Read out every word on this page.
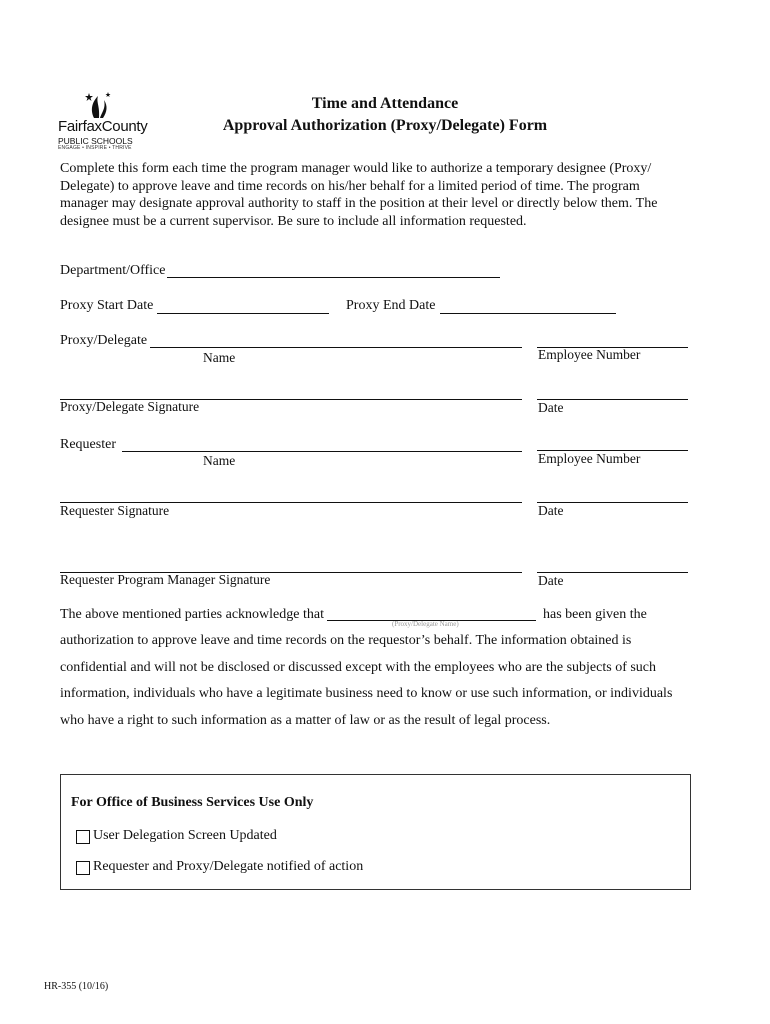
FairfaxCounty
PUBLIC SCHOOLS
ENGAGE • INSPIRE • THRIVE
Time and Attendance
Approval Authorization (Proxy/Delegate) Form
Complete this form each time the program manager would like to authorize a temporary designee (Proxy/
Delegate) to approve leave and time records on his/her behalf for a limited period of time. The program
manager may designate approval authority to staff in the position at their level or directly below them. The
designee must be a current supervisor. Be sure to include all information requested.
Department/Office
Proxy Start Date	Proxy End Date
Proxy/Delegate
Name	Employee Number
Proxy/Delegate Signature	Date
Requester
Name	Employee Number
Requester Signature	Date
Requester Program Manager Signature	Date
The above mentioned parties acknowledge that
(Proxy/Delegate Name)
has been given the
authorization to approve leave and time records on the requestor’s behalf. The information obtained is
confidential and will not be disclosed or discussed except with the employees who are the subjects of such
information, individuals who have a legitimate business need to know or use such information, or individuals
who have a right to such information as a matter of law or as the result of legal process.
For Office of Business Services Use Only
User Delegation Screen Updated
Requester and Proxy/Delegate notified of action
HR-355 (10/16)
